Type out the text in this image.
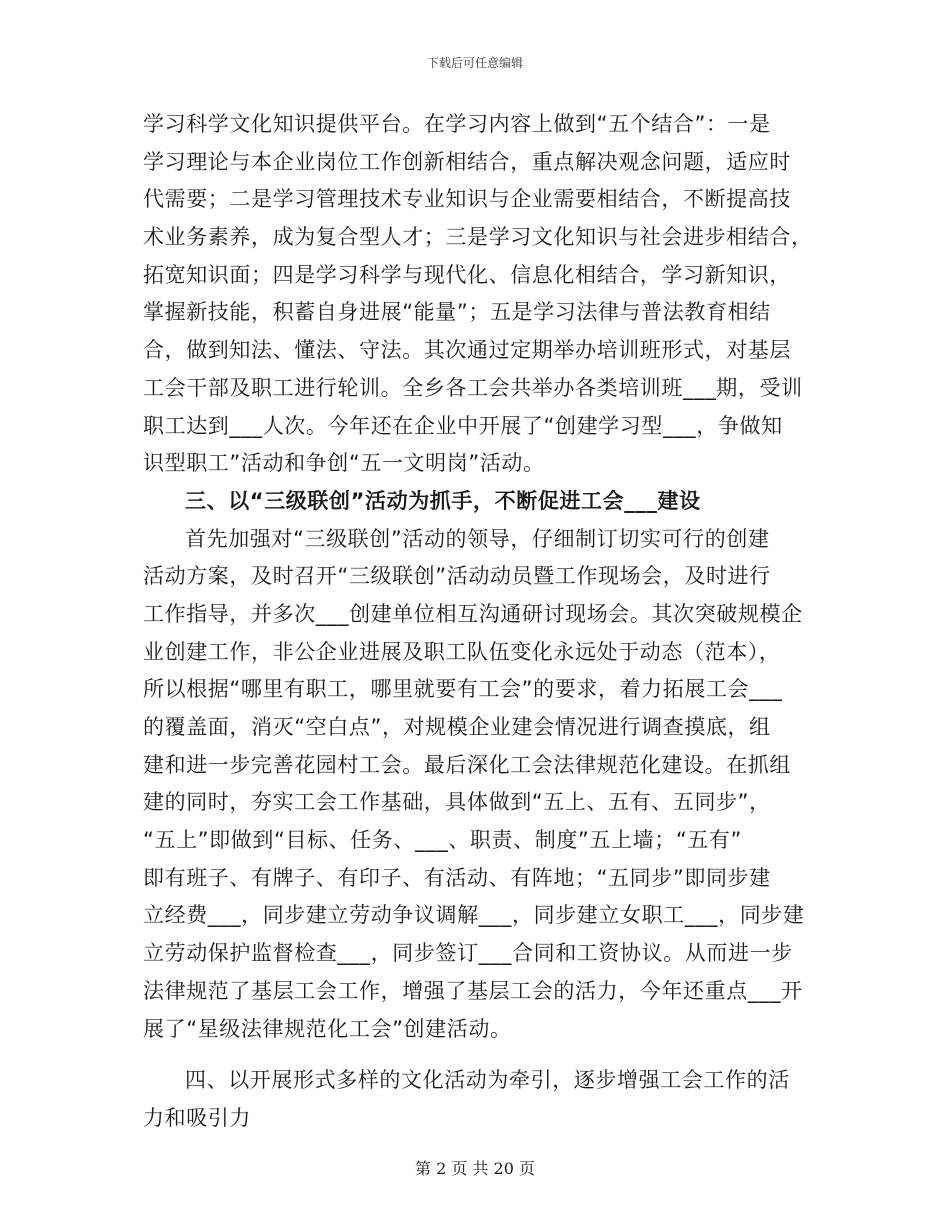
下载后可任意编辑
学习科学文化知识提供平台。在学习内容上做到“五个结合”：一是
学习理论与本企业岗位工作创新相结合，重点解决观念问题，适应时
代需要；二是学习管理技术专业知识与企业需要相结合，不断提高技
术业务素养，成为复合型人才；三是学习文化知识与社会进步相结合，
拓宽知识面；四是学习科学与现代化、信息化相结合，学习新知识，
掌握新技能，积蓄自身进展“能量”；五是学习法律与普法教育相结
合，做到知法、懂法、守法。其次通过定期举办培训班形式，对基层
工会干部及职工进行轮训。全乡各工会共举办各类培训班___期，受训
职工达到___人次。今年还在企业中开展了“创建学习型___，争做知
识型职工”活动和争创“五一文明岗”活动。
三、以“三级联创”活动为抓手，不断促进工会___建设
首先加强对“三级联创”活动的领导，仔细制订切实可行的创建
活动方案，及时召开“三级联创”活动动员暨工作现场会，及时进行
工作指导，并多次___创建单位相互沟通研讨现场会。其次突破规模企
业创建工作，非公企业进展及职工队伍变化永远处于动态（范本），
所以根据“哪里有职工，哪里就要有工会”的要求，着力拓展工会___
的覆盖面，消灭“空白点”，对规模企业建会情况进行调查摸底，组
建和进一步完善花园村工会。最后深化工会法律规范化建设。在抓组
建的同时，夯实工会工作基础，具体做到“五上、五有、五同步”，
“五上”即做到“目标、任务、___、职责、制度”五上墙；“五有”
即有班子、有牌子、有印子、有活动、有阵地；“五同步”即同步建
立经费___，同步建立劳动争议调解___，同步建立女职工___，同步建
立劳动保护监督检查___，同步签订___合同和工资协议。从而进一步
法律规范了基层工会工作，增强了基层工会的活力，今年还重点___开
展了“星级法律规范化工会”创建活动。
四、以开展形式多样的文化活动为牵引，逐步增强工会工作的活
力和吸引力
第 2 页 共 20 页
